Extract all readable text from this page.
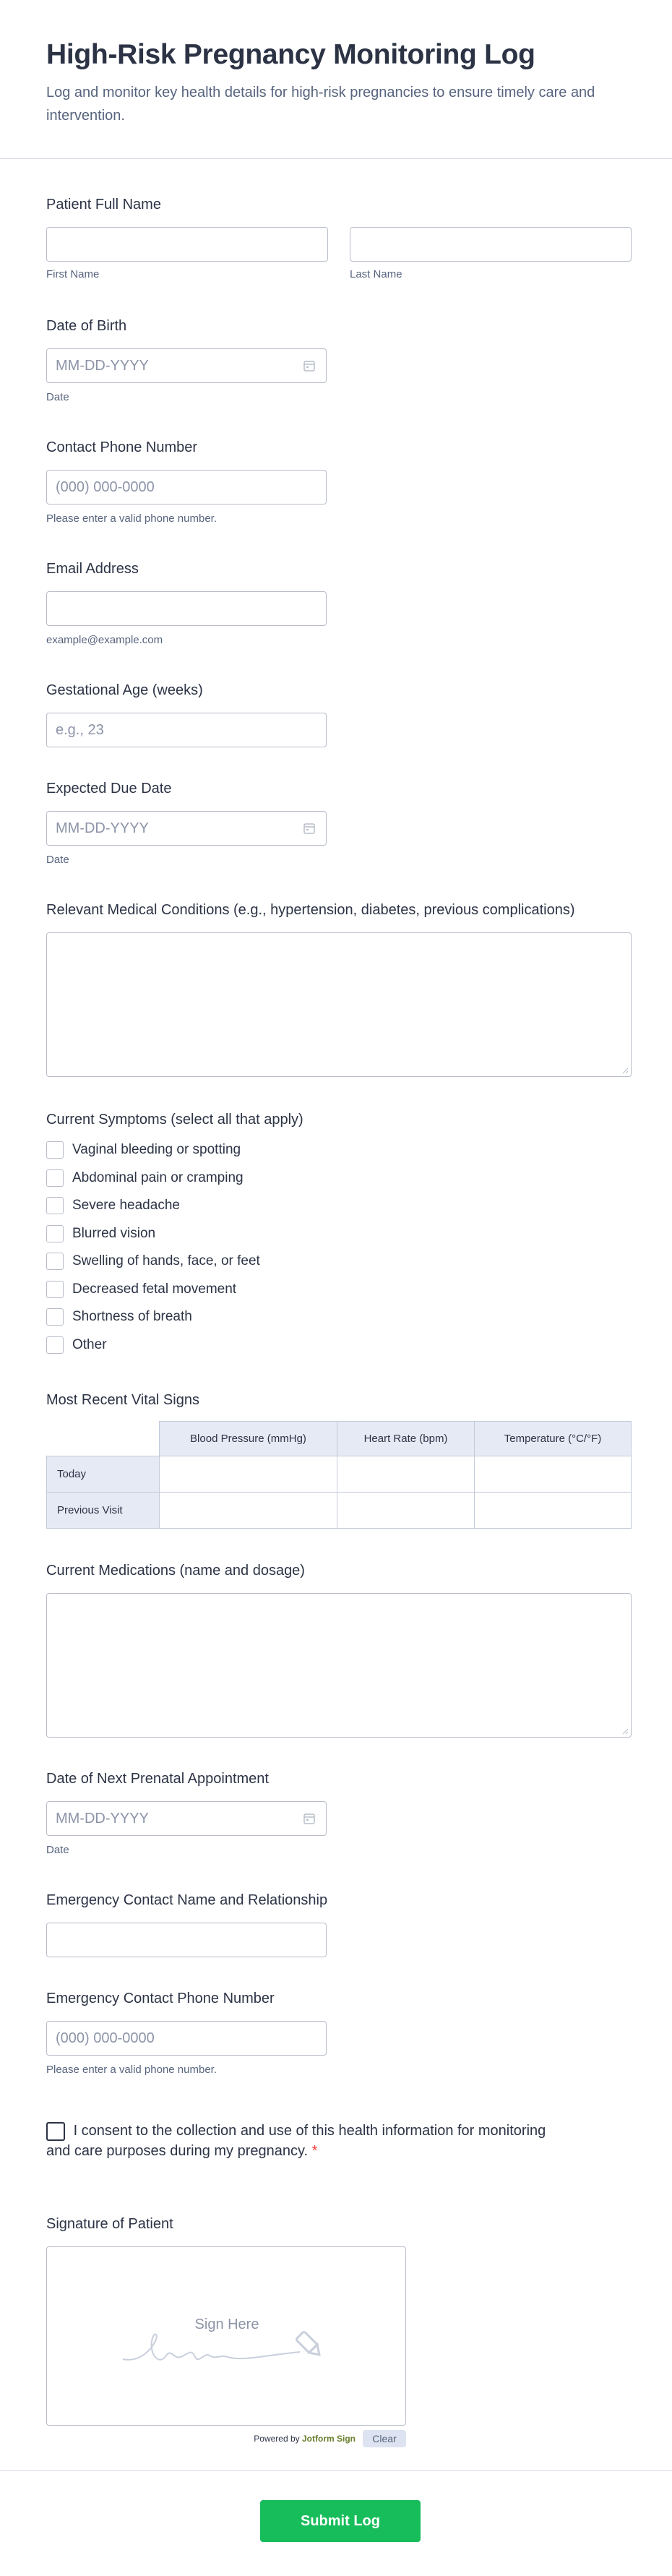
High-Risk Pregnancy Monitoring Log

Log and monitor key health details for high-risk pregnancies to ensure timely care and intervention.

Patient Full Name
First Name	Last Name
Date of Birth
MM-DD-YYYY
Date
Contact Phone Number
(000) 000-0000
Please enter a valid phone number.
Email Address
example@example.com
Gestational Age (weeks)
e.g., 23
Expected Due Date
MM-DD-YYYY
Date
Relevant Medical Conditions (e.g., hypertension, diabetes, previous complications)
Current Symptoms (select all that apply)
Vaginal bleeding or spotting
Abdominal pain or cramping
Severe headache
Blurred vision
Swelling of hands, face, or feet
Decreased fetal movement
Shortness of breath
Other
Most Recent Vital Signs
	Blood Pressure (mmHg)	Heart Rate (bpm)	Temperature (°C/°F)
Today			
Previous Visit			
Current Medications (name and dosage)
Date of Next Prenatal Appointment
MM-DD-YYYY
Date
Emergency Contact Name and Relationship
Emergency Contact Phone Number
(000) 000-0000
Please enter a valid phone number.
I consent to the collection and use of this health information for monitoring and care purposes during my pregnancy. *
Signature of Patient
Sign Here
Powered by Jotform Sign	Clear
Submit Log
